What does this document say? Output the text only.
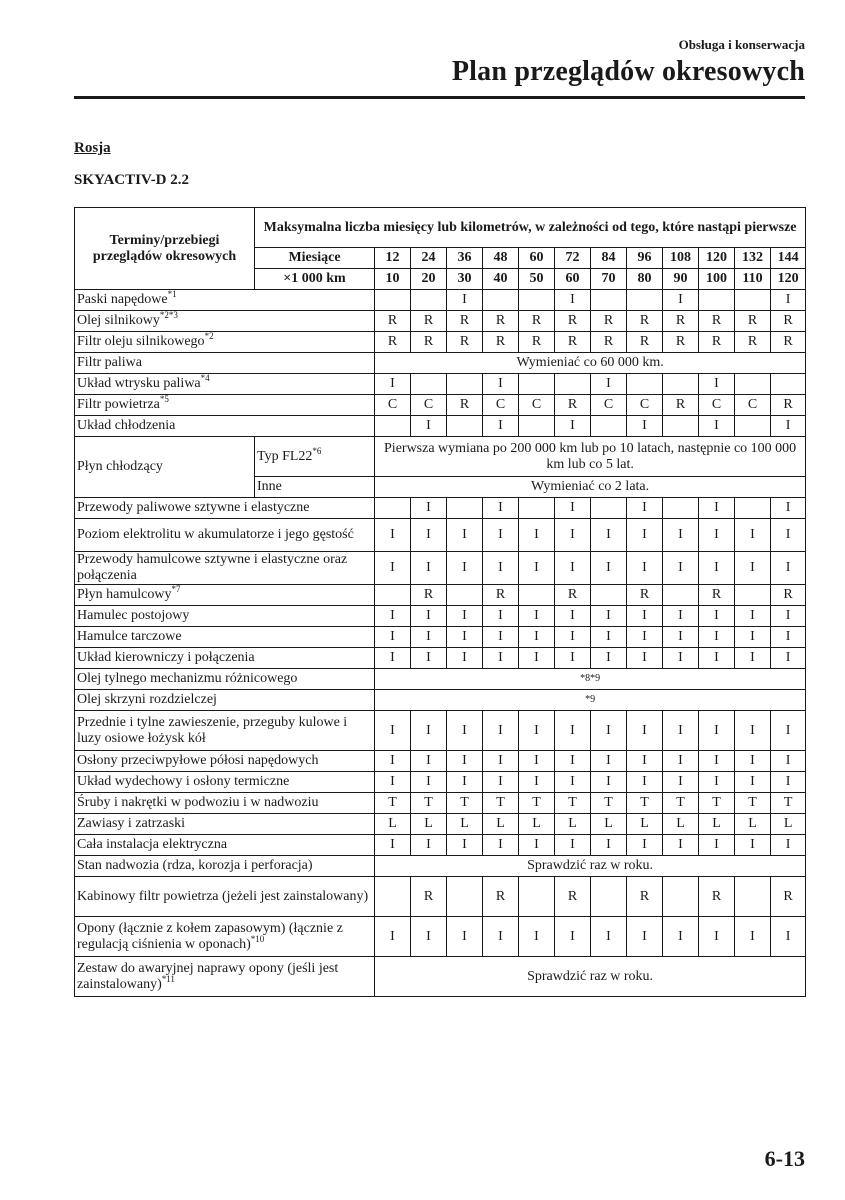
Obsługa i konserwacja
Plan przeglądów okresowych
Rosja
SKYACTIV-D 2.2
Terminy/przebiegi przeglądów okresowych	Maksymalna liczba miesięcy lub kilometrów, w zależności od tego, które nastąpi pierwsze												
	Miesiące	12	24	36	48	60	72	84	96	108	120	132	144
	×1 000 km	10	20	30	40	50	60	70	80	90	100	110	120
Paski napędowe$^{*1}$				I			I			I			I
Olej silnikowy$^{*2*3}$		R	R	R	R	R	R	R	R	R	R	R	R
Filtr oleju silnikowego$^{*2}$		R	R	R	R	R	R	R	R	R	R	R	R
Filtr paliwa		Wymieniać co 60 000 km.											
Układ wtrysku paliwa$^{*4}$		I			I			I			I		
Filtr powietrza$^{*5}$		C	C	R	C	C	R	C	C	R	C	C	R
Układ chłodzenia			I		I		I		I		I		I
Płyn chłodzący	Typ FL22$^{*6}$	Pierwsza wymiana po 200 000 km lub po 10 latach, następnie co 100 000 km lub co 5 lat.											
	Inne	Wymieniać co 2 lata.											
Przewody paliwowe sztywne i elastyczne			I		I		I		I		I		I
Poziom elektrolitu w akumulatorze i jego gęstość		I	I	I	I	I	I	I	I	I	I	I	I
Przewody hamulcowe sztywne i elastyczne oraz połączenia		I	I	I	I	I	I	I	I	I	I	I	I
Płyn hamulcowy$^{*7}$			R		R		R		R		R		R
Hamulec postojowy		I	I	I	I	I	I	I	I	I	I	I	I
Hamulce tarczowe		I	I	I	I	I	I	I	I	I	I	I	I
Układ kierowniczy i połączenia		I	I	I	I	I	I	I	I	I	I	I	I
Olej tylnego mechanizmu różnicowego		*8*9											
Olej skrzyni rozdzielczej		*9											
Przednie i tylne zawieszenie, przeguby kulowe i luzy osiowe łożysk kół		I	I	I	I	I	I	I	I	I	I	I	I
Osłony przeciwpyłowe półosi napędowych		I	I	I	I	I	I	I	I	I	I	I	I
Układ wydechowy i osłony termiczne		I	I	I	I	I	I	I	I	I	I	I	I
Śruby i nakrętki w podwoziu i w nadwoziu		T	T	T	T	T	T	T	T	T	T	T	T
Zawiasy i zatrzaski		L	L	L	L	L	L	L	L	L	L	L	L
Cała instalacja elektryczna		I	I	I	I	I	I	I	I	I	I	I	I
Stan nadwozia (rdza, korozja i perforacja)		Sprawdzić raz w roku.											
Kabinowy filtr powietrza (jeżeli jest zainstalowany)			R		R		R		R		R		R
Opony (łącznie z kołem zapasowym) (łącznie z regulacją ciśnienia w oponach)$^{*10}$		I	I	I	I	I	I	I	I	I	I	I	I
Zestaw do awaryjnej naprawy opony (jeśli jest zainstalowany)$^{*11}$		Sprawdzić raz w roku.											
6-13
